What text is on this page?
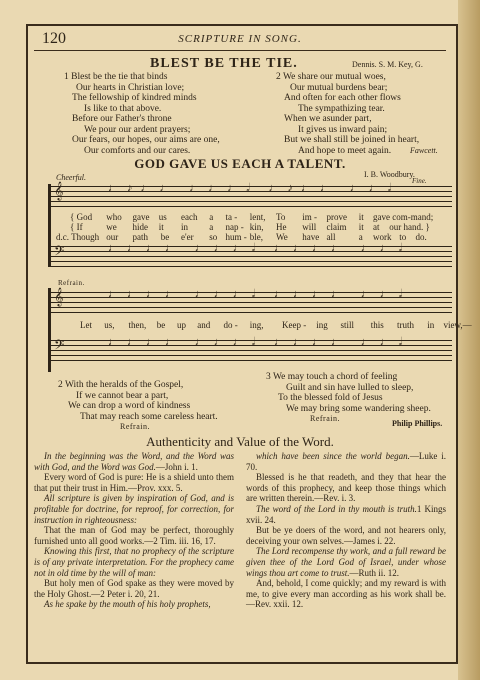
120	SCRIPTURE IN SONG.
BLEST BE THE TIE.	Dennis. S. M. Key, G.
1 Blest be the tie that binds
Our hearts in Christian love;
The fellowship of kindred minds
Is like to that above.
Before our Father's throne
We pour our ardent prayers;
Our fears, our hopes, our aims are one,
Our comforts and our cares.
2 We share our mutual woes,
Our mutual burdens bear;
And often for each other flows
The sympathizing tear.
When we asunder part,
It gives us inward pain;
But we shall still be joined in heart,
And hope to meet again.	Fawcett.
GOD GAVE US EACH A TALENT.
I. B. Woodbury.
Cheerful.	Fine.
𝄞	♩♪♩♩ ♩♩♩𝅗𝅥 ♩♪♩♩ ♩♩𝅗𝅥
{ God who gave us each a ta - lent, To im - prove it gave com-mand;
{ If	we hide it in a nap - kin, He will claim it at our hand. }
d.c. Though our path be e'er so hum - ble, We have all	a work to do.
𝄢	♩♩♩♩ ♩♩♩𝅗𝅥 ♩♩♩♩ ♩♩𝅗𝅥
Refrain.
𝄞	♩♩♩♩ ♩♩♩𝅗𝅥 ♩♩♩♩ ♩♩𝅗𝅥
Let us, then, be up and do - ing, Keep - ing still this truth in view,—
𝄢	♩♩♩♩ ♩♩♩𝅗𝅥 ♩♩♩♩ ♩♩𝅗𝅥
2 With the heralds of the Gospel,
If we cannot bear a part,
We can drop a word of kindness
That may reach some careless heart.
Refrain.
3 We may touch a chord of feeling
Guilt and sin have lulled to sleep,
To the blessed fold of Jesus
We may bring some wandering sheep.
Refrain.
Philip Phillips.
Authenticity and Value of the Word.

In the beginning was the Word, and the Word was with God, and the Word was God.—John i. 1.

Every word of God is pure: He is a shield unto them that put their trust in Him.—Prov. xxx. 5.

All scripture is given by inspiration of God, and is profitable for doctrine, for reproof, for correction, for instruction in righteousness:

That the man of God may be perfect, thoroughly furnished unto all good works.—2 Tim. iii. 16, 17.

Knowing this first, that no prophecy of the scripture is of any private interpretation. For the prophecy came not in old time by the will of man:

But holy men of God spake as they were moved by the Holy Ghost.—2 Peter i. 20, 21.

As he spake by the mouth of his holy prophets,

which have been since the world began.—Luke i. 70.

Blessed is he that readeth, and they that hear the words of this prophecy, and keep those things which are written therein.—Rev. i. 3.

The word of the Lord in thy mouth is truth.1 Kings xvii. 24.

But be ye doers of the word, and not hearers only, deceiving your own selves.—James i. 22.

The Lord recompense thy work, and a full reward be given thee of the Lord God of Israel, under whose wings thou art come to trust.—Ruth ii. 12.

And, behold, I come quickly; and my reward is with me, to give every man according as his work shall be.—Rev. xxii. 12.
